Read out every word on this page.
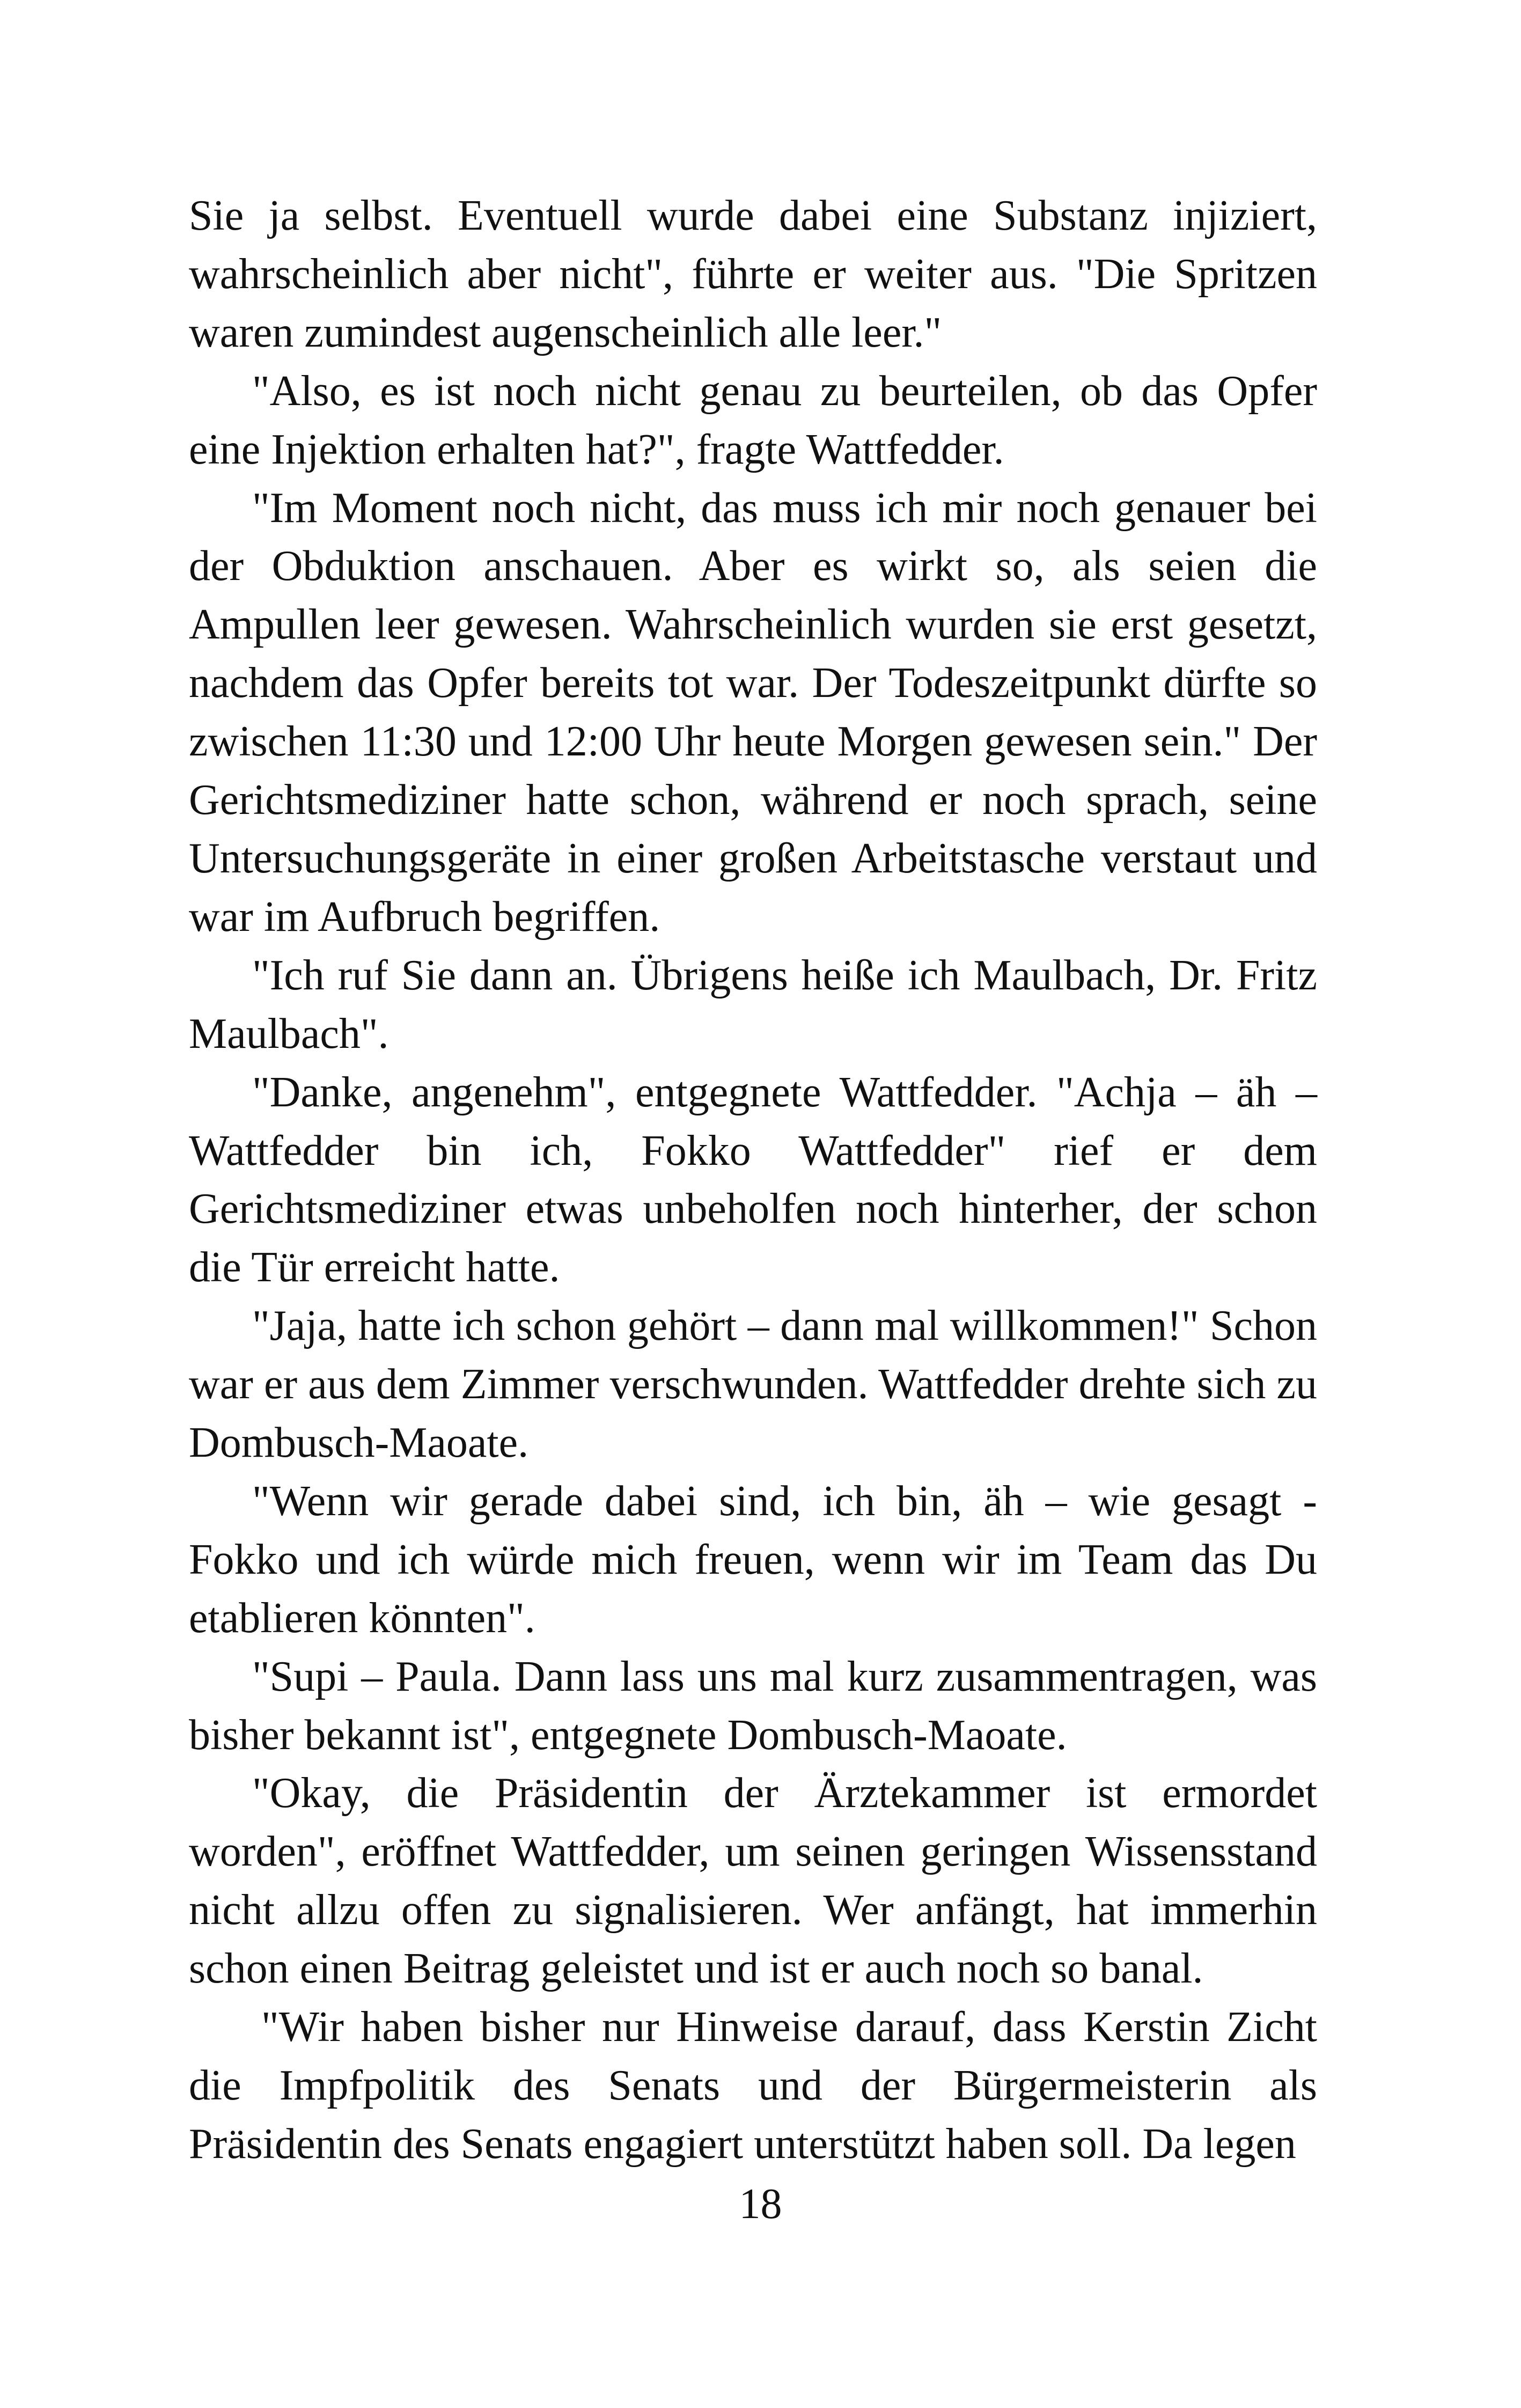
Sie ja selbst. Eventuell wurde dabei eine Substanz injiziert, wahrscheinlich aber nicht", führte er weiter aus. "Die Spritzen waren zumindest augenscheinlich alle leer."

"Also, es ist noch nicht genau zu beurteilen, ob das Opfer eine Injektion erhalten hat?", fragte Wattfedder.

"Im Moment noch nicht, das muss ich mir noch genauer bei der Obduktion anschauen. Aber es wirkt so, als seien die Ampullen leer gewesen. Wahrscheinlich wurden sie erst gesetzt, nachdem das Opfer bereits tot war. Der Todeszeitpunkt dürfte so zwischen 11:30 und 12:00 Uhr heute Morgen gewesen sein." Der Gerichtsmediziner hatte schon, während er noch sprach, seine Untersuchungsgeräte in einer großen Arbeitstasche verstaut und war im Aufbruch begriffen.

"Ich ruf Sie dann an. Übrigens heiße ich Maulbach, Dr. Fritz Maulbach".

"Danke, angenehm", entgegnete Wattfedder. "Achja – äh – Wattfedder bin ich, Fokko Wattfedder" rief er dem Gerichtsmediziner etwas unbeholfen noch hinterher, der schon die Tür erreicht hatte.

"Jaja, hatte ich schon gehört – dann mal willkommen!" Schon war er aus dem Zimmer verschwunden. Wattfedder drehte sich zu Dombusch-Maoate.

"Wenn wir gerade dabei sind, ich bin, äh – wie gesagt - Fokko und ich würde mich freuen, wenn wir im Team das Du etablieren könnten".

"Supi – Paula. Dann lass uns mal kurz zusammentragen, was bisher bekannt ist", entgegnete Dombusch-Maoate.

"Okay, die Präsidentin der Ärztekammer ist ermordet worden", eröffnet Wattfedder, um seinen geringen Wissensstand nicht allzu offen zu signalisieren. Wer anfängt, hat immerhin schon einen Beitrag geleistet und ist er auch noch so banal.

"Wir haben bisher nur Hinweise darauf, dass Kerstin Zicht die Impfpolitik des Senats und der Bürgermeisterin als Präsidentin des Senats engagiert unterstützt haben soll. Da legen

18
